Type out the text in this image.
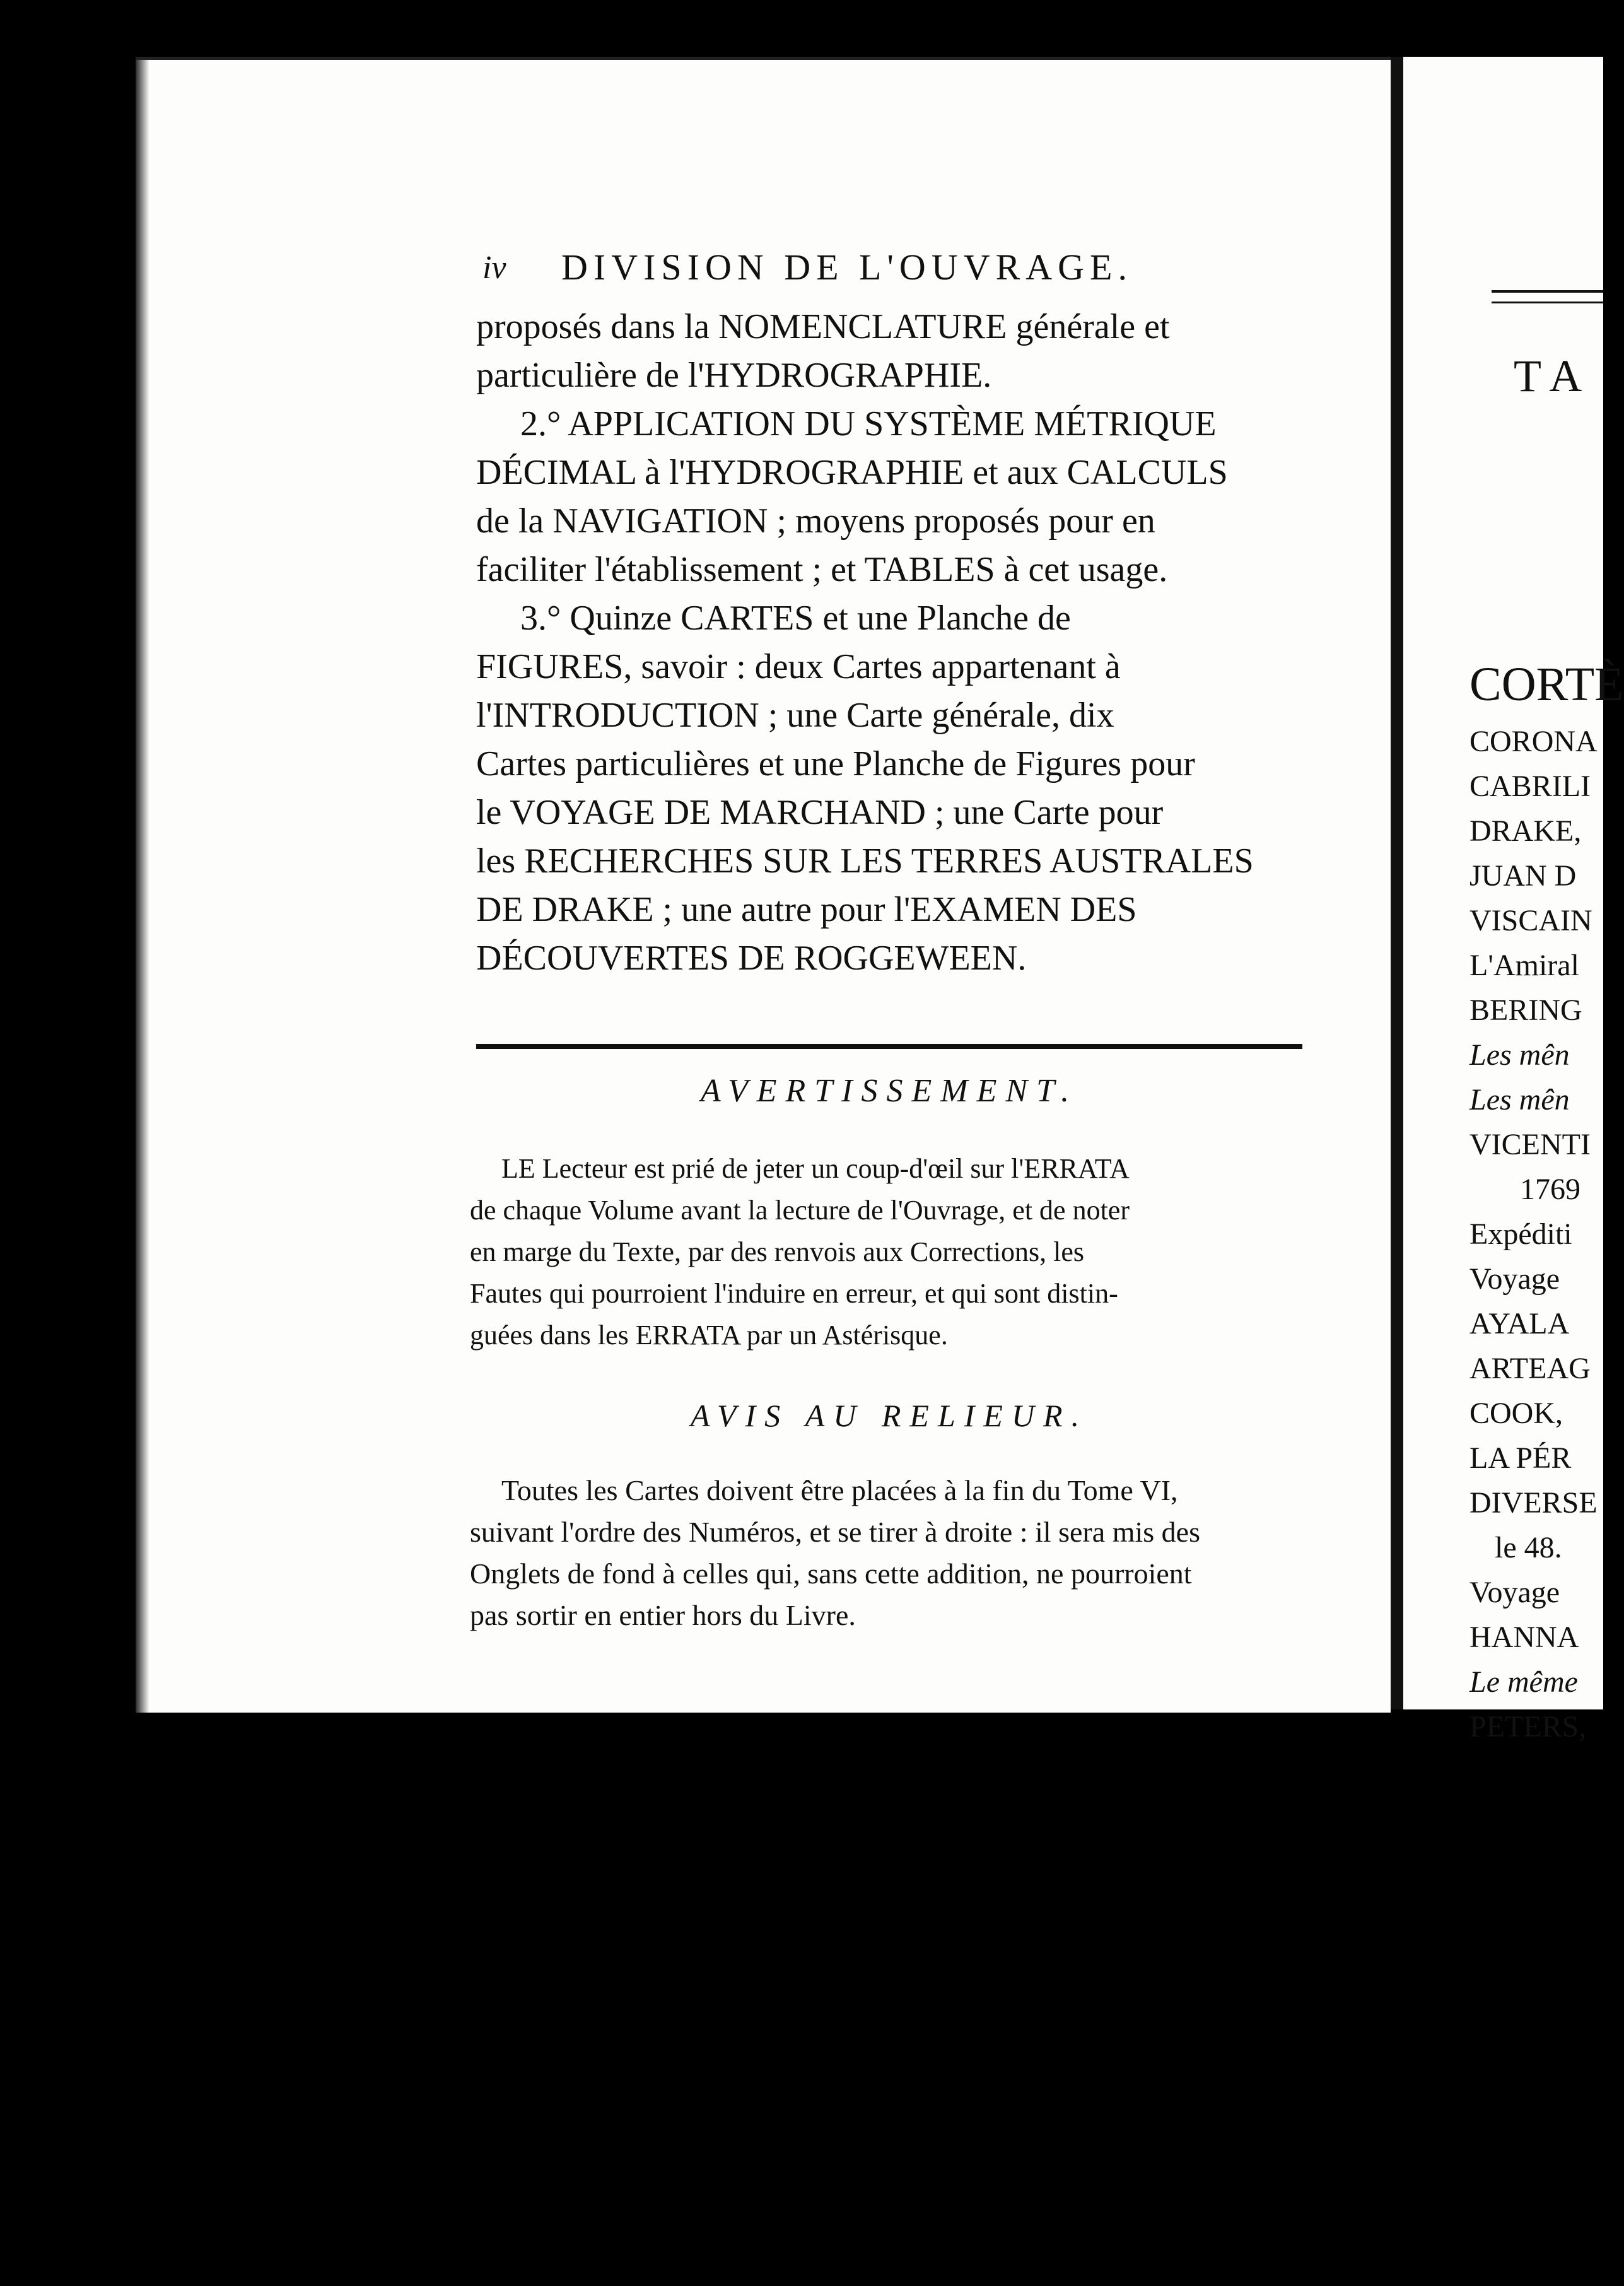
iv DIVISION DE L'OUVRAGE.

proposés dans la NOMENCLATURE générale et

particulière de l'HYDROGRAPHIE.

2.° APPLICATION DU SYSTÈME MÉTRIQUE

DÉCIMAL à l'HYDROGRAPHIE et aux CALCULS

de la NAVIGATION ; moyens proposés pour en

faciliter l'établissement ; et TABLES à cet usage.

3.° Quinze CARTES et une Planche de

FIGURES, savoir : deux Cartes appartenant à

l'INTRODUCTION ; une Carte générale, dix

Cartes particulières et une Planche de Figures pour

le VOYAGE DE MARCHAND ; une Carte pour

les RECHERCHES SUR LES TERRES AUSTRALES

DE DRAKE ; une autre pour l'EXAMEN DES

DÉCOUVERTES DE ROGGEWEEN.

AVERTISSEMENT.

LE Lecteur est prié de jeter un coup-d'œil sur l'ERRATA

de chaque Volume avant la lecture de l'Ouvrage, et de noter

en marge du Texte, par des renvois aux Corrections, les

Fautes qui pourroient l'induire en erreur, et qui sont distin-

guées dans les ERRATA par un Astérisque.

AVIS AU RELIEUR.

Toutes les Cartes doivent être placées à la fin du Tome VI,

suivant l'ordre des Numéros, et se tirer à droite : il sera mis des

Onglets de fond à celles qui, sans cette addition, ne pourroient

pas sortir en entier hors du Livre.

TA
CORTÈ
CORONA
CABRILI
DRAKE,
JUAN D
VISCAIN
L'Amiral
BERING
Les mên
Les mên
VICENTI
1769
Expéditi
Voyage
AYALA
ARTEAG
COOK,
LA PÉR
DIVERSE
le 48.
Voyage
HANNA
Le même
PETERS,
